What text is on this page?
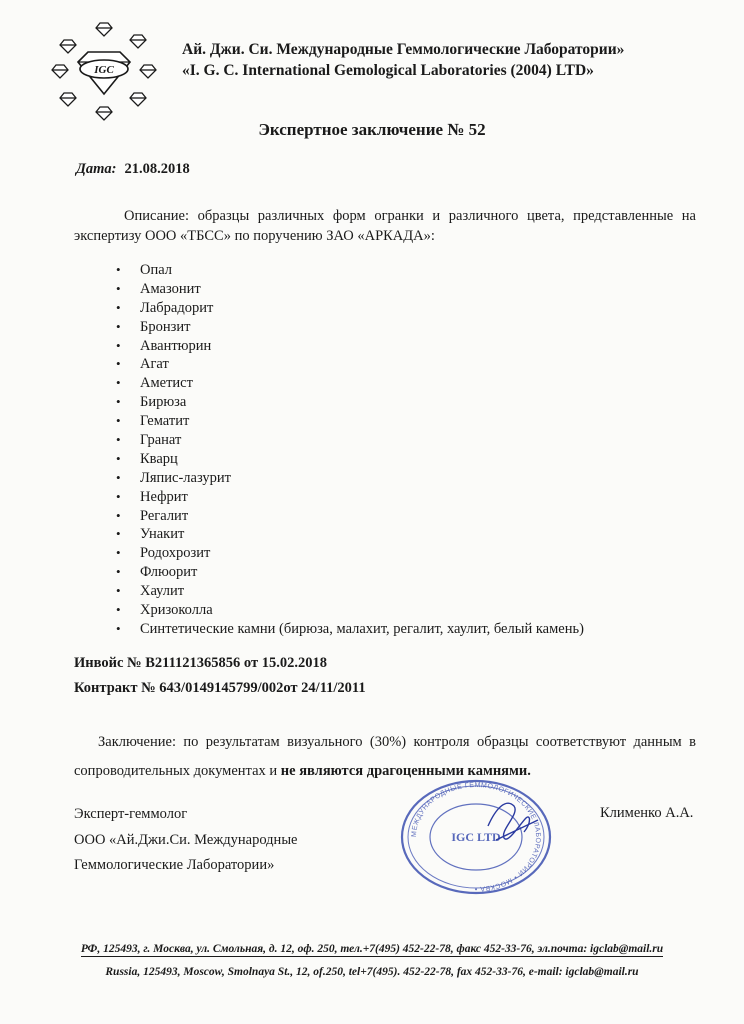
IGC
Ай. Джи. Си. Международные Геммологические Лаборатории»
«I. G. C. International Gemological Laboratories (2004) LTD»
Экспертное заключение № 52
Дата: 21.08.2018
Описание: образцы различных форм огранки и различного цвета, представленные на экспертизу ООО «ТБСС» по поручению ЗАО «АРКАДА»:
• Опал
• Амазонит
• Лабрадорит
• Бронзит
• Авантюрин
• Агат
• Аметист
• Бирюза
• Гематит
• Гранат
• Кварц
• Ляпис-лазурит
• Нефрит
• Регалит
• Унакит
• Родохрозит
• Флюорит
• Хаулит
• Хризоколла
• Синтетические камни (бирюза, малахит, регалит, хаулит, белый камень)
Инвойс № В211121365856 от 15.02.2018
Контракт № 643/0149145799/002от 24/11/2011
Заключение: по результатам визуального (30%) контроля образцы соответствуют данным в сопроводительных документах и не являются драгоценными камнями.
Эксперт-геммолог
ООО «Ай.Джи.Си. Международные
Геммологические Лаборатории»
МЕЖДУНАРОДНЫЕ ГЕММОЛОГИЧЕСКИЕ ЛАБОРАТОРИИ • МОСКВА •
IGC LTD
Клименко А.А.
РФ, 125493, г. Москва, ул. Смольная, д. 12, оф. 250, тел.+7(495) 452-22-78, факс 452-33-76, эл.почта: igclab@mail.ru
Russia, 125493, Moscow, Smolnaya St., 12, of.250, tel+7(495). 452-22-78, fax 452-33-76, e-mail: igclab@mail.ru
